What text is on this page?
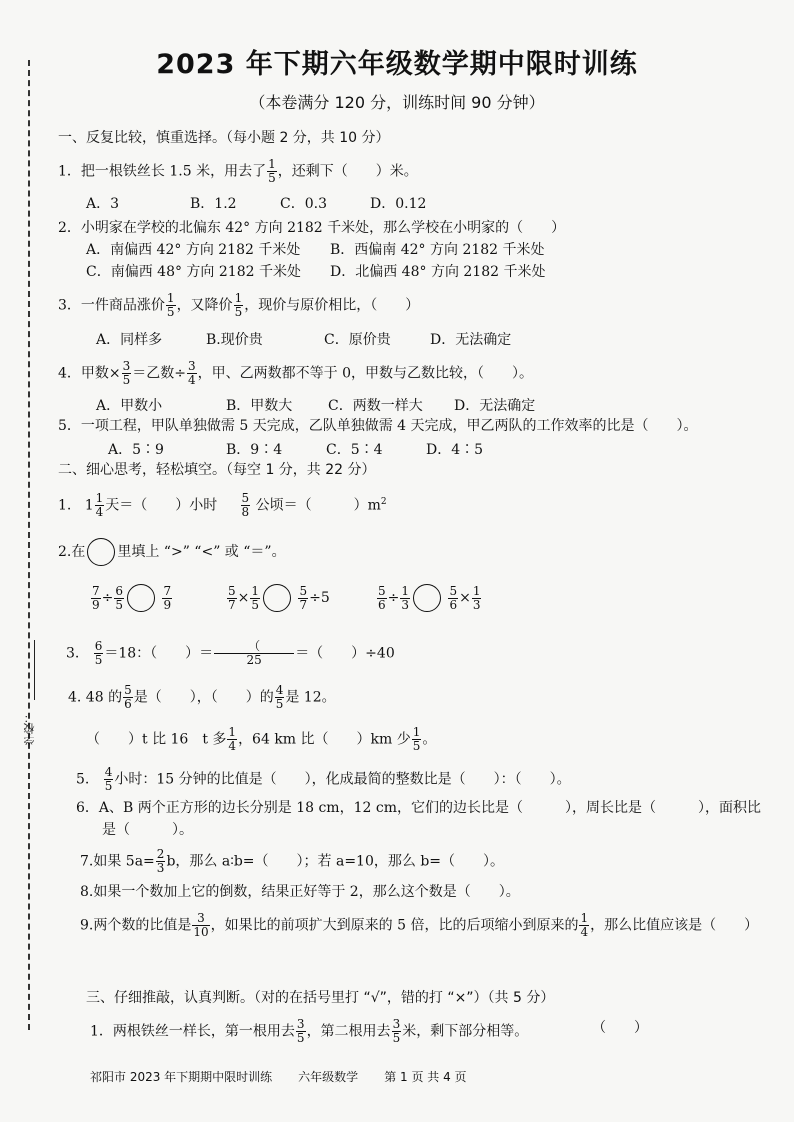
学校：
2023 年下期六年级数学期中限时训练
（本卷满分 120 分，训练时间 90 分钟）
一、反复比较，慎重选择。（每小题 2 分，共 10 分）
1．把一根铁丝长 1.5 米，用去了 $\frac{1}{5}$ ，还剩下（　　）米。
A．3	B．1.2	C．0.3	D．0.12
2．小明家在学校的北偏东 42° 方向 2182 千米处，那么学校在小明家的（　　）
A．南偏西 42° 方向 2182 千米处 B．西偏南 42° 方向 2182 千米处
C．南偏西 48° 方向 2182 千米处 D．北偏西 48° 方向 2182 千米处
3．一件商品涨价 $\frac{1}{5}$ ，又降价 $\frac{1}{5}$ ，现价与原价相比，（　　）
A．同样多	B.现价贵	C．原价贵	D．无法确定
4．甲数× $\frac{3}{5}$ ＝乙数÷ $\frac{3}{4}$ ，甲、乙两数都不等于 0，甲数与乙数比较，（　　）。
A．甲数小	B．甲数大	C．两数一样大 D．无法确定
5．一项工程，甲队单独做需 5 天完成，乙队单独做需 4 天完成，甲乙两队的工作效率的比是（　　）。
A．5∶9	B．9∶4	C．5∶4	D．4∶5
二、细心思考，轻松填空。（每空 1 分，共 22 分）
1. $1 \frac{1}{4}$ 天＝（　　）小时 $\frac{5}{8}$ 公顷＝（　　　）$m^2$
2.在 里填上 “>” “<” 或 “＝”。
$\frac{7}{9} \div \frac{6}{5}$
	$\frac{7}{9}$	$\frac{5}{7} \times \frac{1}{5}$
	$\frac{5}{7} \div 5$	$\frac{5}{6} \div \frac{1}{3}$
	$\frac{5}{6} \times \frac{1}{3}$
3. $\frac{6}{5} =18$：（　　）＝ $\frac{(}{25}$ ＝（　　）÷40
4. 48 的 $\frac{5}{6}$ 是（　　），（　　）的 $\frac{4}{5}$ 是 12。
（　　）t 比 16　t 多 $\frac{1}{4}$ ，64 km 比（　　）km 少 $\frac{1}{5}$ 。
5. $\frac{4}{5}$ 小时：15 分钟的比值是（　　），化成最简的整数比是（　　）：（　　）。
6．A、B 两个正方形的边长分别是 18 cm，12 cm，它们的边长比是（　　　），周长比是（　　　），面积比
是（　　　）。
7.如果 $5a= \frac{2}{3}$ b，那么 a∶b=（　　）；若 a=10，那么 b=（　　）。
8.如果一个数加上它的倒数，结果正好等于 2，那么这个数是（　　）。
9.两个数的比值是 $\frac{3}{10}$ ，如果比的前项扩大到原来的 5 倍，比的后项缩小到原来的 $\frac{1}{4}$ ，那么比值应该是（　　）
三、仔细推敲，认真判断。（对的在括号里打 “√”，错的打 “×”）（共 5 分）
1．两根铁丝一样长，第一根用去 $\frac{3}{5}$ ，第二根用去 $\frac{3}{5}$ 米，剩下部分相等。	（　　）
祁阳市 2023 年下期期中限时训练 六年级数学 第 1 页 共 4 页
